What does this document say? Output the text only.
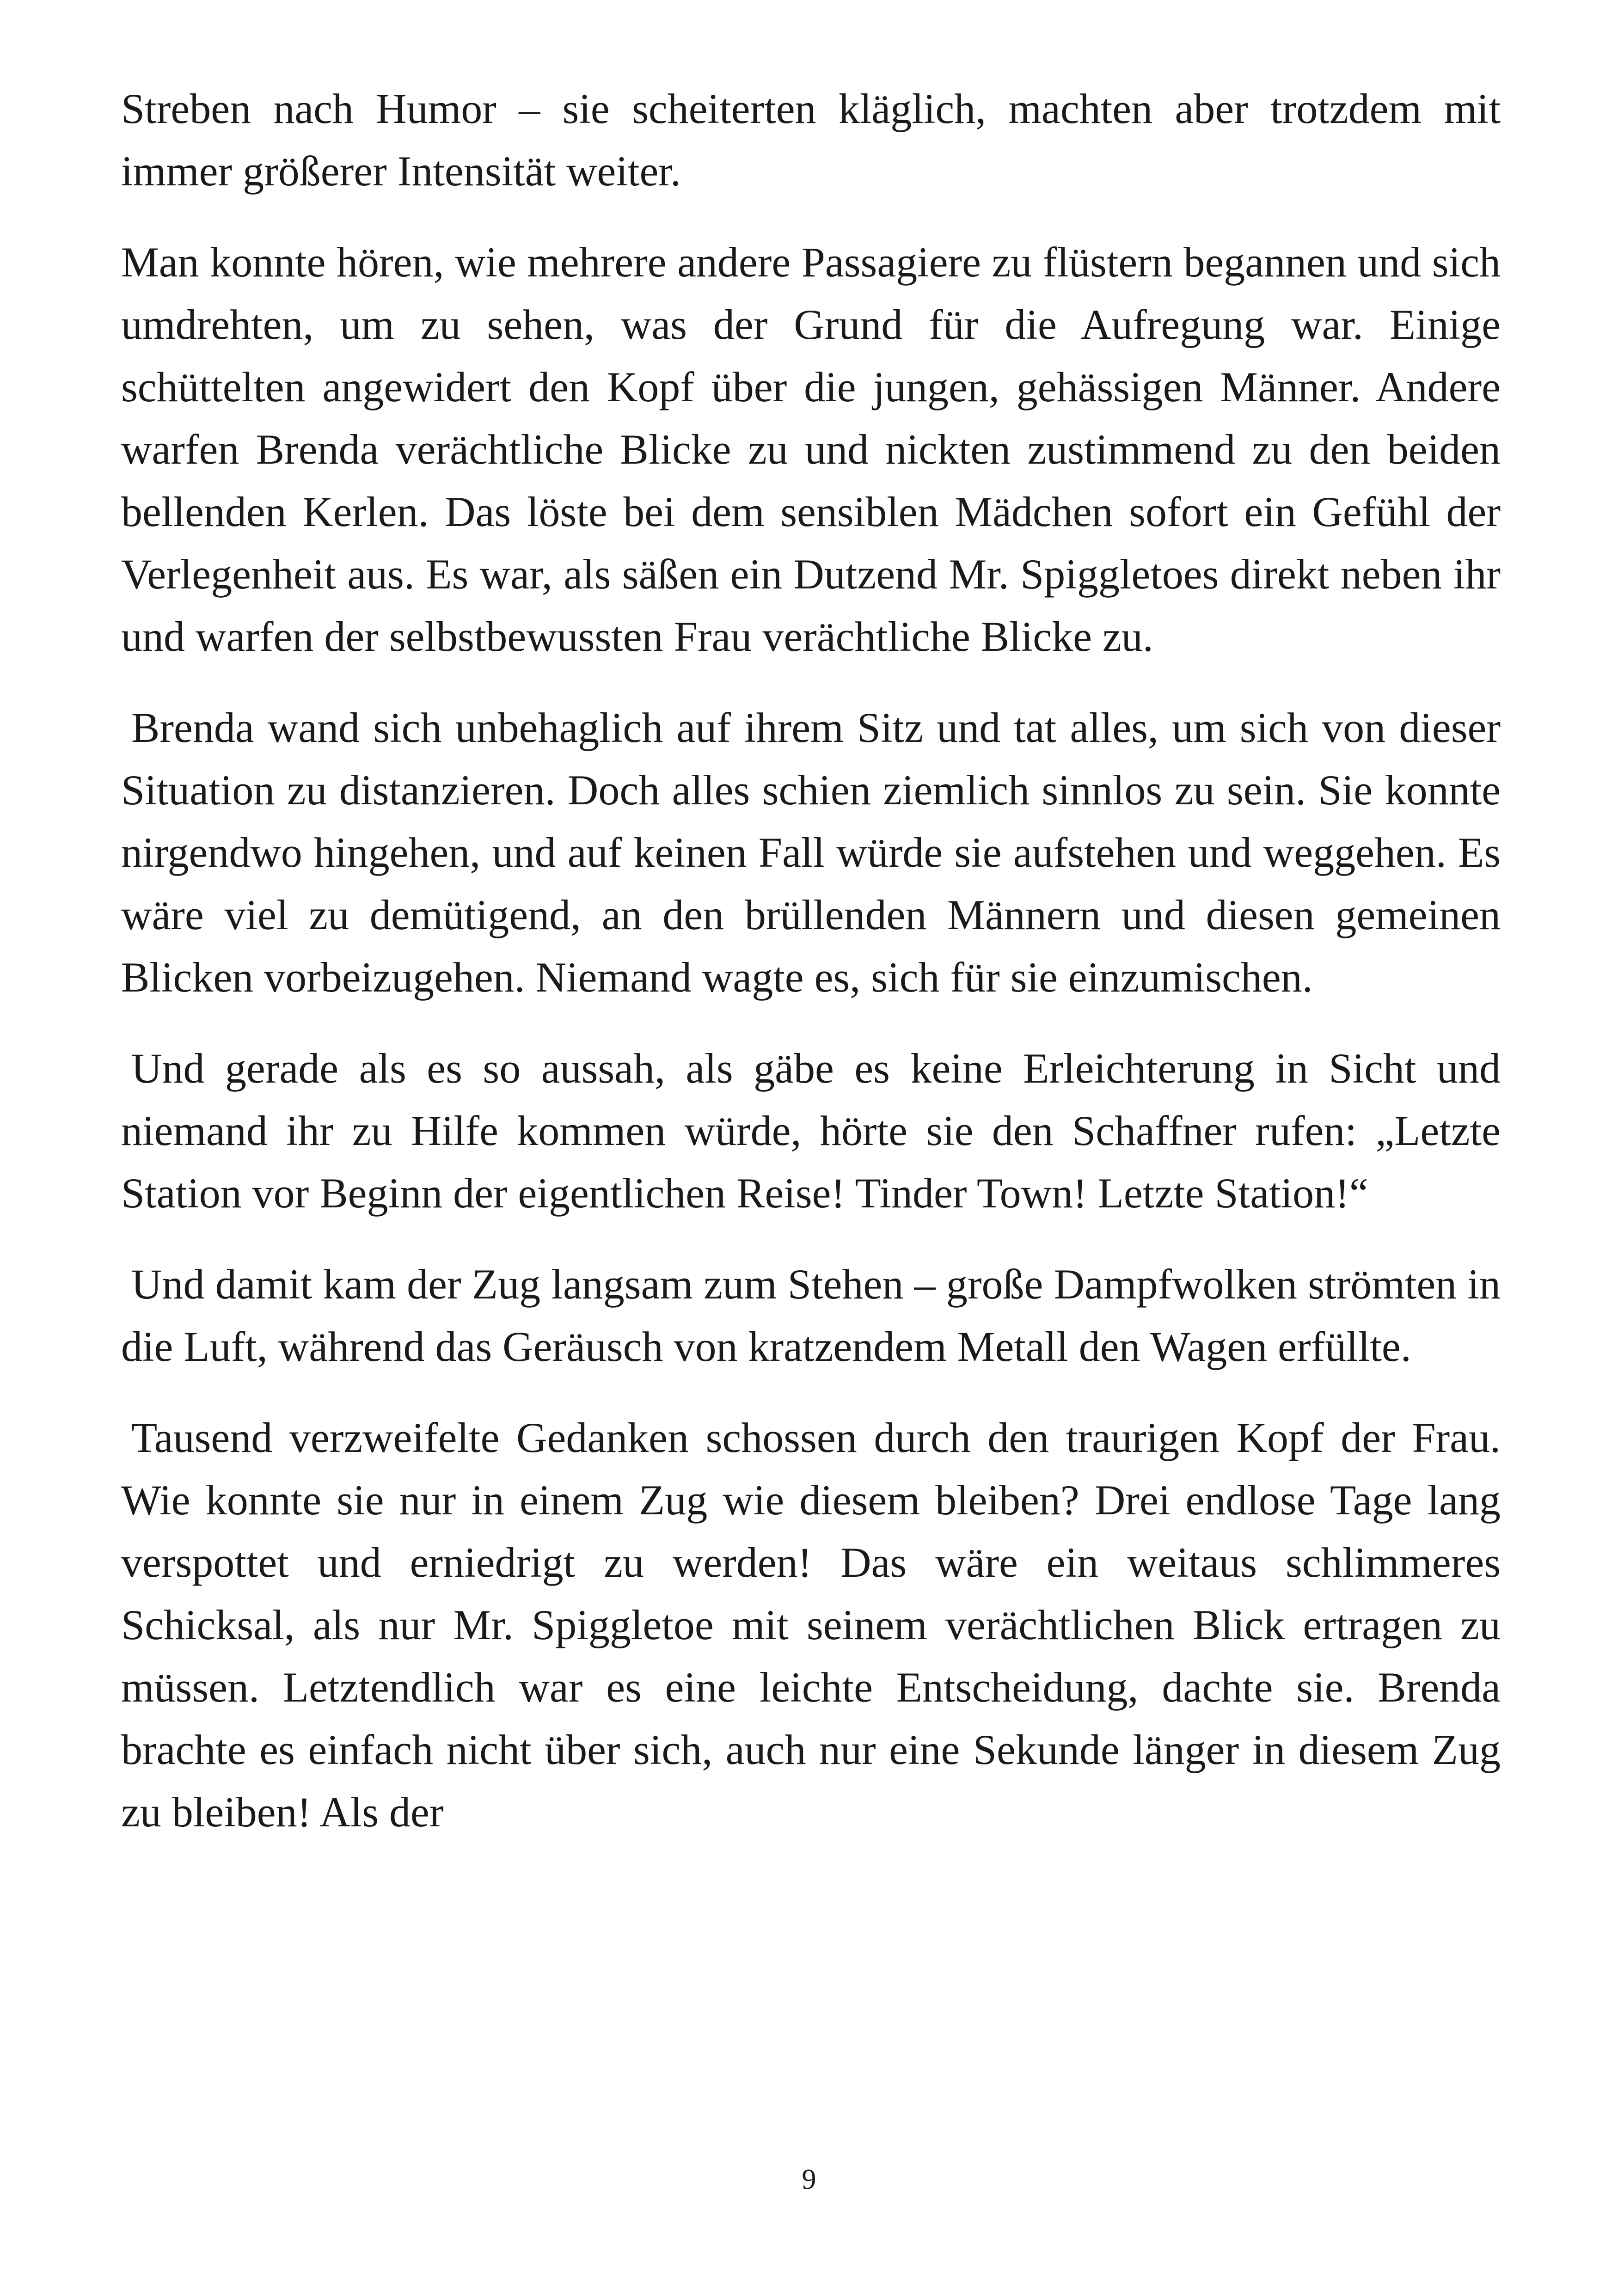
Streben nach Humor – sie scheiterten kläglich, machten aber trotzdem mit immer größerer Intensität weiter.

Man konnte hören, wie mehrere andere Passagiere zu flüstern begannen und sich umdrehten, um zu sehen, was der Grund für die Aufregung war. Einige schüttelten angewidert den Kopf über die jungen, gehässigen Männer. Andere warfen Brenda verächtliche Blicke zu und nickten zustimmend zu den beiden bellenden Kerlen. Das löste bei dem sensiblen Mädchen sofort ein Gefühl der Verlegenheit aus. Es war, als säßen ein Dutzend Mr. Spiggletoes direkt neben ihr und warfen der selbstbewussten Frau verächtliche Blicke zu.

Brenda wand sich unbehaglich auf ihrem Sitz und tat alles, um sich von dieser Situation zu distanzieren. Doch alles schien ziemlich sinnlos zu sein. Sie konnte nirgendwo hingehen, und auf keinen Fall würde sie aufstehen und weggehen. Es wäre viel zu demütigend, an den brüllenden Männern und diesen gemeinen Blicken vorbeizugehen. Niemand wagte es, sich für sie einzumischen.

Und gerade als es so aussah, als gäbe es keine Erleichterung in Sicht und niemand ihr zu Hilfe kommen würde, hörte sie den Schaffner rufen: „Letzte Station vor Beginn der eigentlichen Reise! Tinder Town! Letzte Station!“

Und damit kam der Zug langsam zum Stehen – große Dampfwolken strömten in die Luft, während das Geräusch von kratzendem Metall den Wagen erfüllte.

Tausend verzweifelte Gedanken schossen durch den traurigen Kopf der Frau. Wie konnte sie nur in einem Zug wie diesem bleiben? Drei endlose Tage lang verspottet und erniedrigt zu werden! Das wäre ein weitaus schlimmeres Schicksal, als nur Mr. Spiggletoe mit seinem verächtlichen Blick ertragen zu müssen. Letztendlich war es eine leichte Entscheidung, dachte sie. Brenda brachte es einfach nicht über sich, auch nur eine Sekunde länger in diesem Zug zu bleiben! Als der

9
